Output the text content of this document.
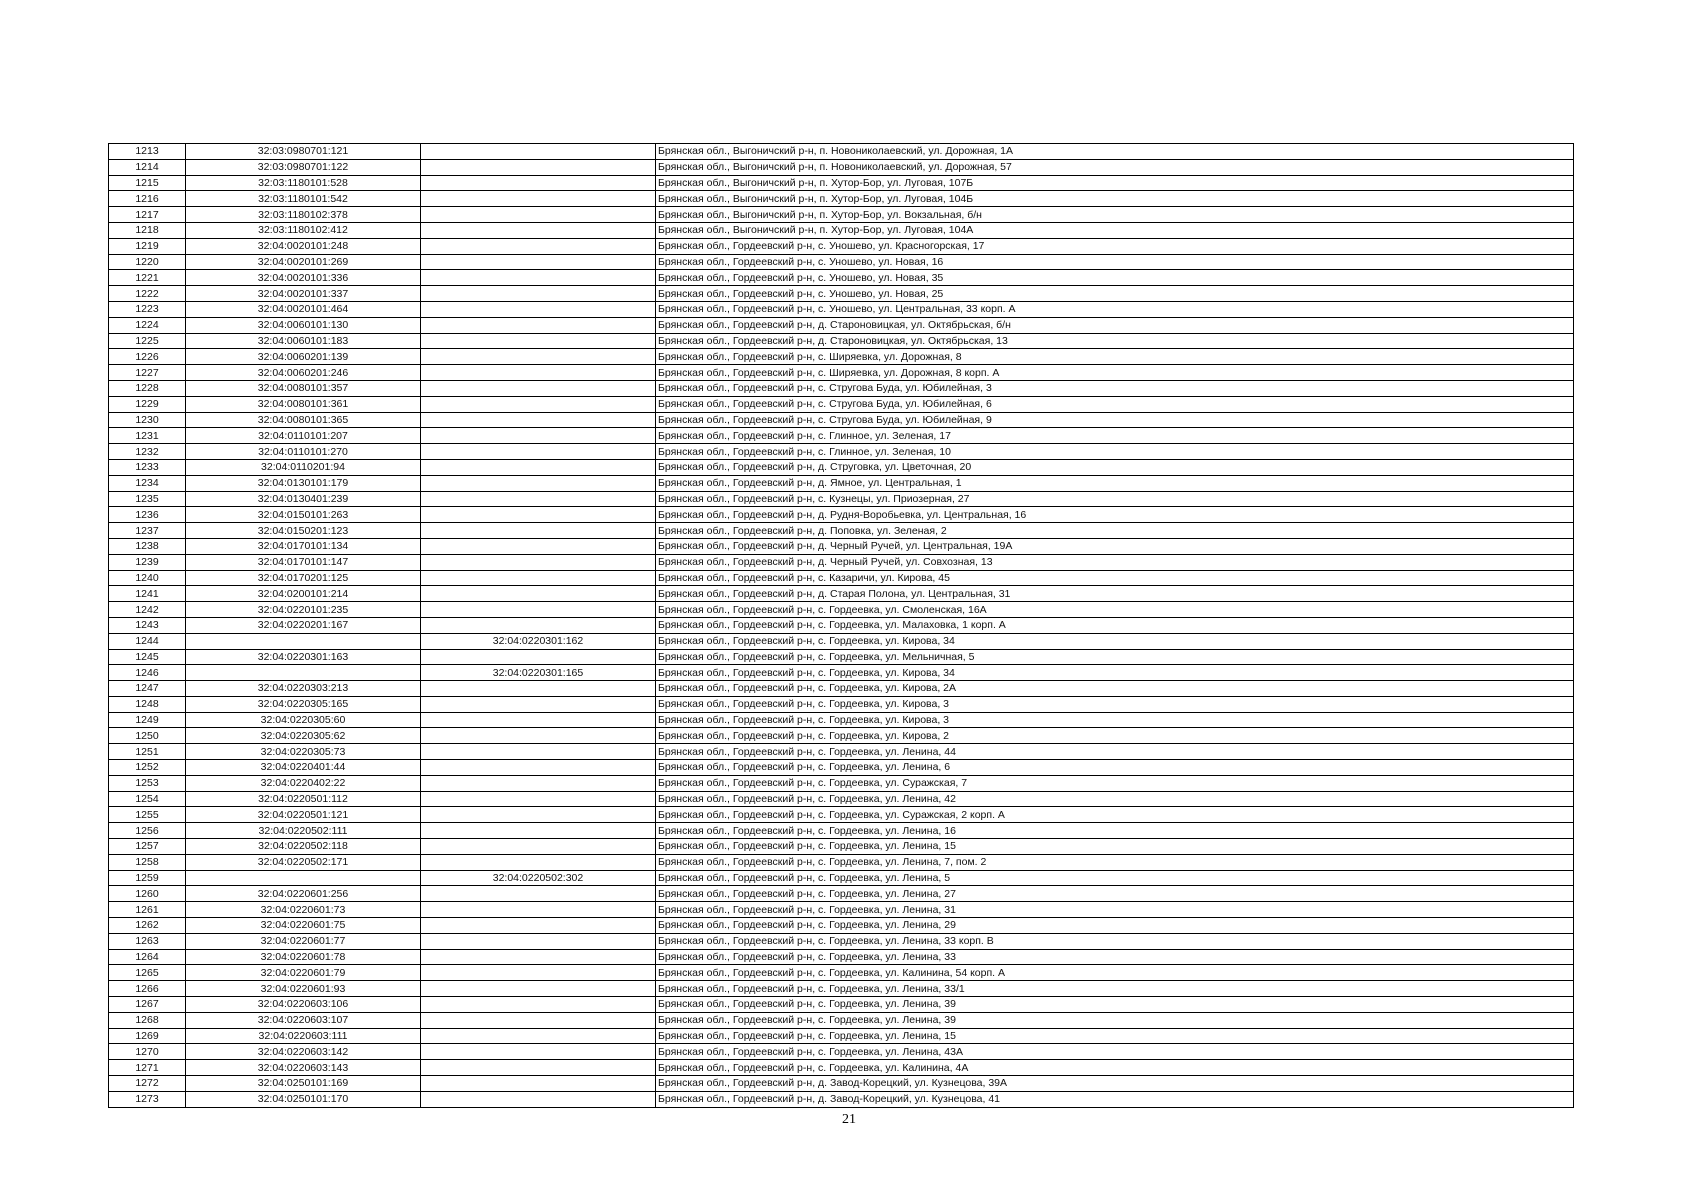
1213	32:03:0980701:121		Брянская обл., Выгоничский р-н, п. Новониколаевский, ул. Дорожная, 1А
1214	32:03:0980701:122		Брянская обл., Выгоничский р-н, п. Новониколаевский, ул. Дорожная, 57
1215	32:03:1180101:528		Брянская обл., Выгоничский р-н, п. Хутор-Бор, ул. Луговая, 107Б
1216	32:03:1180101:542		Брянская обл., Выгоничский р-н, п. Хутор-Бор, ул. Луговая, 104Б
1217	32:03:1180102:378		Брянская обл., Выгоничский р-н, п. Хутор-Бор, ул. Вокзальная, б/н
1218	32:03:1180102:412		Брянская обл., Выгоничский р-н, п. Хутор-Бор, ул. Луговая, 104А
1219	32:04:0020101:248		Брянская обл., Гордеевский р-н, с. Уношево, ул. Красногорская, 17
1220	32:04:0020101:269		Брянская обл., Гордеевский р-н, с. Уношево, ул. Новая, 16
1221	32:04:0020101:336		Брянская обл., Гордеевский р-н, с. Уношево, ул. Новая, 35
1222	32:04:0020101:337		Брянская обл., Гордеевский р-н, с. Уношево, ул. Новая, 25
1223	32:04:0020101:464		Брянская обл., Гордеевский р-н, с. Уношево, ул. Центральная, 33 корп. А
1224	32:04:0060101:130		Брянская обл., Гордеевский р-н, д. Староновицкая, ул. Октябрьская, б/н
1225	32:04:0060101:183		Брянская обл., Гордеевский р-н, д. Староновицкая, ул. Октябрьская, 13
1226	32:04:0060201:139		Брянская обл., Гордеевский р-н, с. Ширяевка, ул. Дорожная, 8
1227	32:04:0060201:246		Брянская обл., Гордеевский р-н, с. Ширяевка, ул. Дорожная, 8 корп. А
1228	32:04:0080101:357		Брянская обл., Гордеевский р-н, с. Стругова Буда, ул. Юбилейная, 3
1229	32:04:0080101:361		Брянская обл., Гордеевский р-н, с. Стругова Буда, ул. Юбилейная, 6
1230	32:04:0080101:365		Брянская обл., Гордеевский р-н, с. Стругова Буда, ул. Юбилейная, 9
1231	32:04:0110101:207		Брянская обл., Гордеевский р-н, с. Глинное, ул. Зеленая, 17
1232	32:04:0110101:270		Брянская обл., Гордеевский р-н, с. Глинное, ул. Зеленая, 10
1233	32:04:0110201:94		Брянская обл., Гордеевский р-н, д. Струговка, ул. Цветочная, 20
1234	32:04:0130101:179		Брянская обл., Гордеевский р-н, д. Ямное, ул. Центральная, 1
1235	32:04:0130401:239		Брянская обл., Гордеевский р-н, с. Кузнецы, ул. Приозерная, 27
1236	32:04:0150101:263		Брянская обл., Гордеевский р-н, д. Рудня-Воробьевка, ул. Центральная, 16
1237	32:04:0150201:123		Брянская обл., Гордеевский р-н, д. Поповка, ул. Зеленая, 2
1238	32:04:0170101:134		Брянская обл., Гордеевский р-н, д. Черный Ручей, ул. Центральная, 19А
1239	32:04:0170101:147		Брянская обл., Гордеевский р-н, д. Черный Ручей, ул. Совхозная, 13
1240	32:04:0170201:125		Брянская обл., Гордеевский р-н, с. Казаричи, ул. Кирова, 45
1241	32:04:0200101:214		Брянская обл., Гордеевский р-н, д. Старая Полона, ул. Центральная, 31
1242	32:04:0220101:235		Брянская обл., Гордеевский р-н, с. Гордеевка, ул. Смоленская, 16А
1243	32:04:0220201:167		Брянская обл., Гордеевский р-н, с. Гордеевка, ул. Малаховка, 1 корп. А
1244		32:04:0220301:162	Брянская обл., Гордеевский р-н, с. Гордеевка, ул. Кирова, 34
1245	32:04:0220301:163		Брянская обл., Гордеевский р-н, с. Гордеевка, ул. Мельничная, 5
1246		32:04:0220301:165	Брянская обл., Гордеевский р-н, с. Гордеевка, ул. Кирова, 34
1247	32:04:0220303:213		Брянская обл., Гордеевский р-н, с. Гордеевка, ул. Кирова, 2А
1248	32:04:0220305:165		Брянская обл., Гордеевский р-н, с. Гордеевка, ул. Кирова, 3
1249	32:04:0220305:60		Брянская обл., Гордеевский р-н, с. Гордеевка, ул. Кирова, 3
1250	32:04:0220305:62		Брянская обл., Гордеевский р-н, с. Гордеевка, ул. Кирова, 2
1251	32:04:0220305:73		Брянская обл., Гордеевский р-н, с. Гордеевка, ул. Ленина, 44
1252	32:04:0220401:44		Брянская обл., Гордеевский р-н, с. Гордеевка, ул. Ленина, 6
1253	32:04:0220402:22		Брянская обл., Гордеевский р-н, с. Гордеевка, ул. Суражская, 7
1254	32:04:0220501:112		Брянская обл., Гордеевский р-н, с. Гордеевка, ул. Ленина, 42
1255	32:04:0220501:121		Брянская обл., Гордеевский р-н, с. Гордеевка, ул. Суражская, 2 корп. А
1256	32:04:0220502:111		Брянская обл., Гордеевский р-н, с. Гордеевка, ул. Ленина, 16
1257	32:04:0220502:118		Брянская обл., Гордеевский р-н, с. Гордеевка, ул. Ленина, 15
1258	32:04:0220502:171		Брянская обл., Гордеевский р-н, с. Гордеевка, ул. Ленина, 7, пом. 2
1259		32:04:0220502:302	Брянская обл., Гордеевский р-н, с. Гордеевка, ул. Ленина, 5
1260	32:04:0220601:256		Брянская обл., Гордеевский р-н, с. Гордеевка, ул. Ленина, 27
1261	32:04:0220601:73		Брянская обл., Гордеевский р-н, с. Гордеевка, ул. Ленина, 31
1262	32:04:0220601:75		Брянская обл., Гордеевский р-н, с. Гордеевка, ул. Ленина, 29
1263	32:04:0220601:77		Брянская обл., Гордеевский р-н, с. Гордеевка, ул. Ленина, 33 корп. В
1264	32:04:0220601:78		Брянская обл., Гордеевский р-н, с. Гордеевка, ул. Ленина, 33
1265	32:04:0220601:79		Брянская обл., Гордеевский р-н, с. Гордеевка, ул. Калинина, 54 корп. А
1266	32:04:0220601:93		Брянская обл., Гордеевский р-н, с. Гордеевка, ул. Ленина, 33/1
1267	32:04:0220603:106		Брянская обл., Гордеевский р-н, с. Гордеевка, ул. Ленина, 39
1268	32:04:0220603:107		Брянская обл., Гордеевский р-н, с. Гордеевка, ул. Ленина, 39
1269	32:04:0220603:111		Брянская обл., Гордеевский р-н, с. Гордеевка, ул. Ленина, 15
1270	32:04:0220603:142		Брянская обл., Гордеевский р-н, с. Гордеевка, ул. Ленина, 43А
1271	32:04:0220603:143		Брянская обл., Гордеевский р-н, с. Гордеевка, ул. Калинина, 4А
1272	32:04:0250101:169		Брянская обл., Гордеевский р-н, д. Завод-Корецкий, ул. Кузнецова, 39А
1273	32:04:0250101:170		Брянская обл., Гордеевский р-н, д. Завод-Корецкий, ул. Кузнецова, 41
21
